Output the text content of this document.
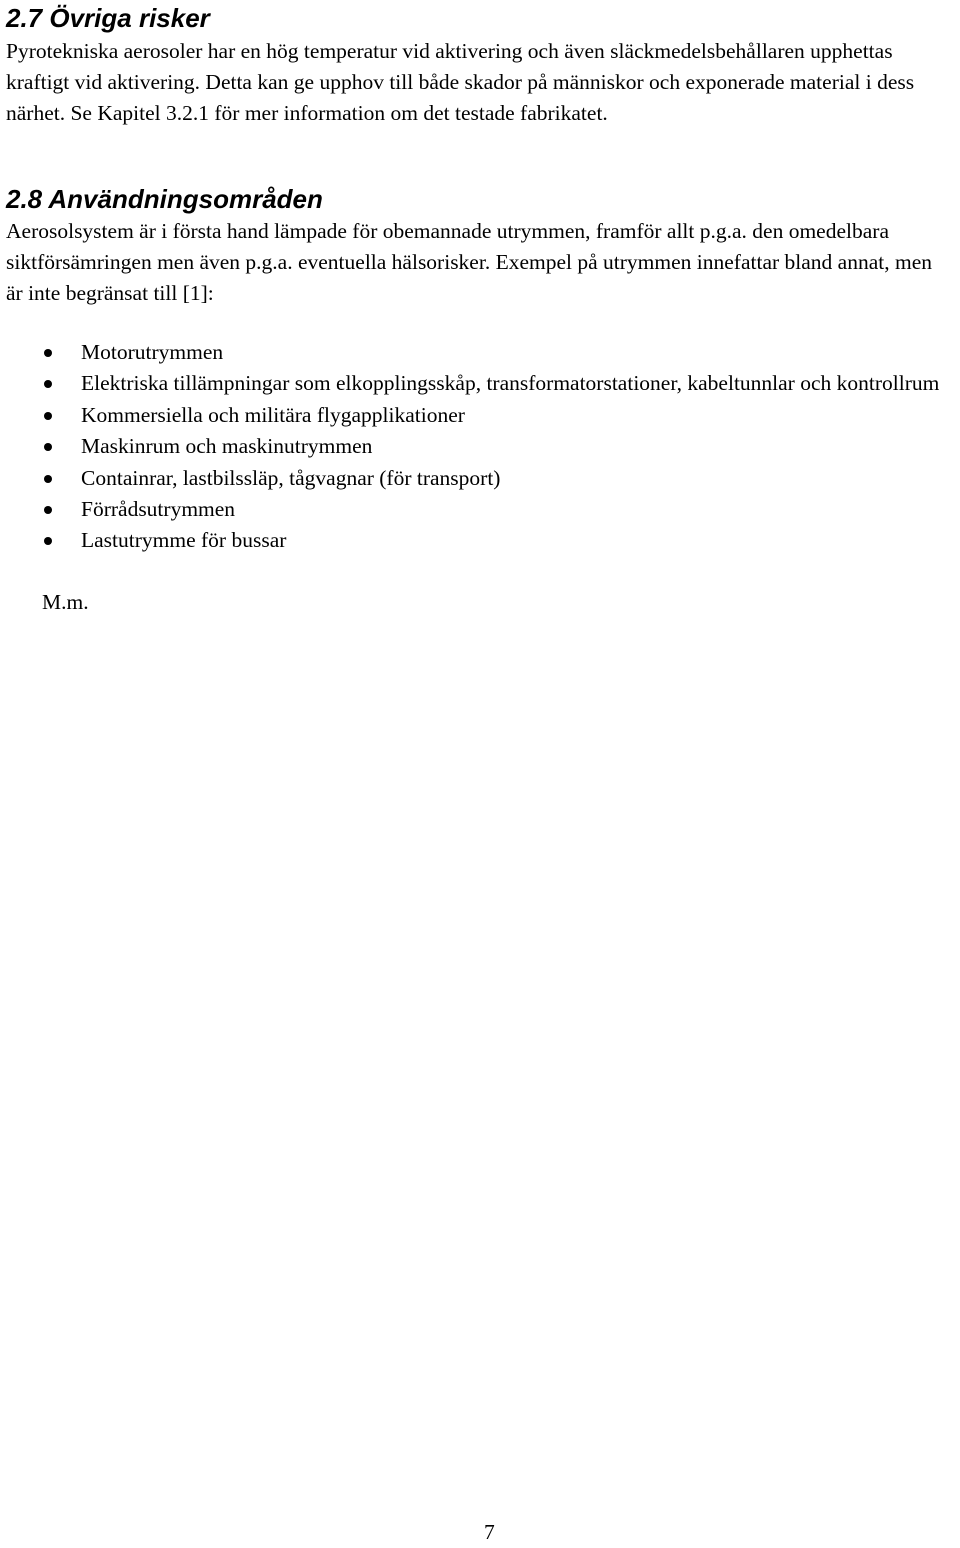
2.7 Övriga risker

Pyrotekniska aerosoler har en hög temperatur vid aktivering och även släckmedelsbehållaren upphettas kraftigt vid aktivering. Detta kan ge upphov till både skador på människor och exponerade material i dess närhet. Se Kapitel 3.2.1 för mer information om det testade fabrikatet.

2.8 Användningsområden

Aerosolsystem är i första hand lämpade för obemannade utrymmen, framför allt p.g.a. den omedelbara siktförsämringen men även p.g.a. eventuella hälsorisker. Exempel på utrymmen innefattar bland annat, men är inte begränsat till [1]:

Motorutrymmen
Elektriska tillämpningar som elkopplingsskåp, transformatorstationer, kabeltunnlar och kontrollrum
Kommersiella och militära flygapplikationer
Maskinrum och maskinutrymmen
Containrar, lastbilssläp, tågvagnar (för transport)
Förrådsutrymmen
Lastutrymme för bussar

M.m.

7
